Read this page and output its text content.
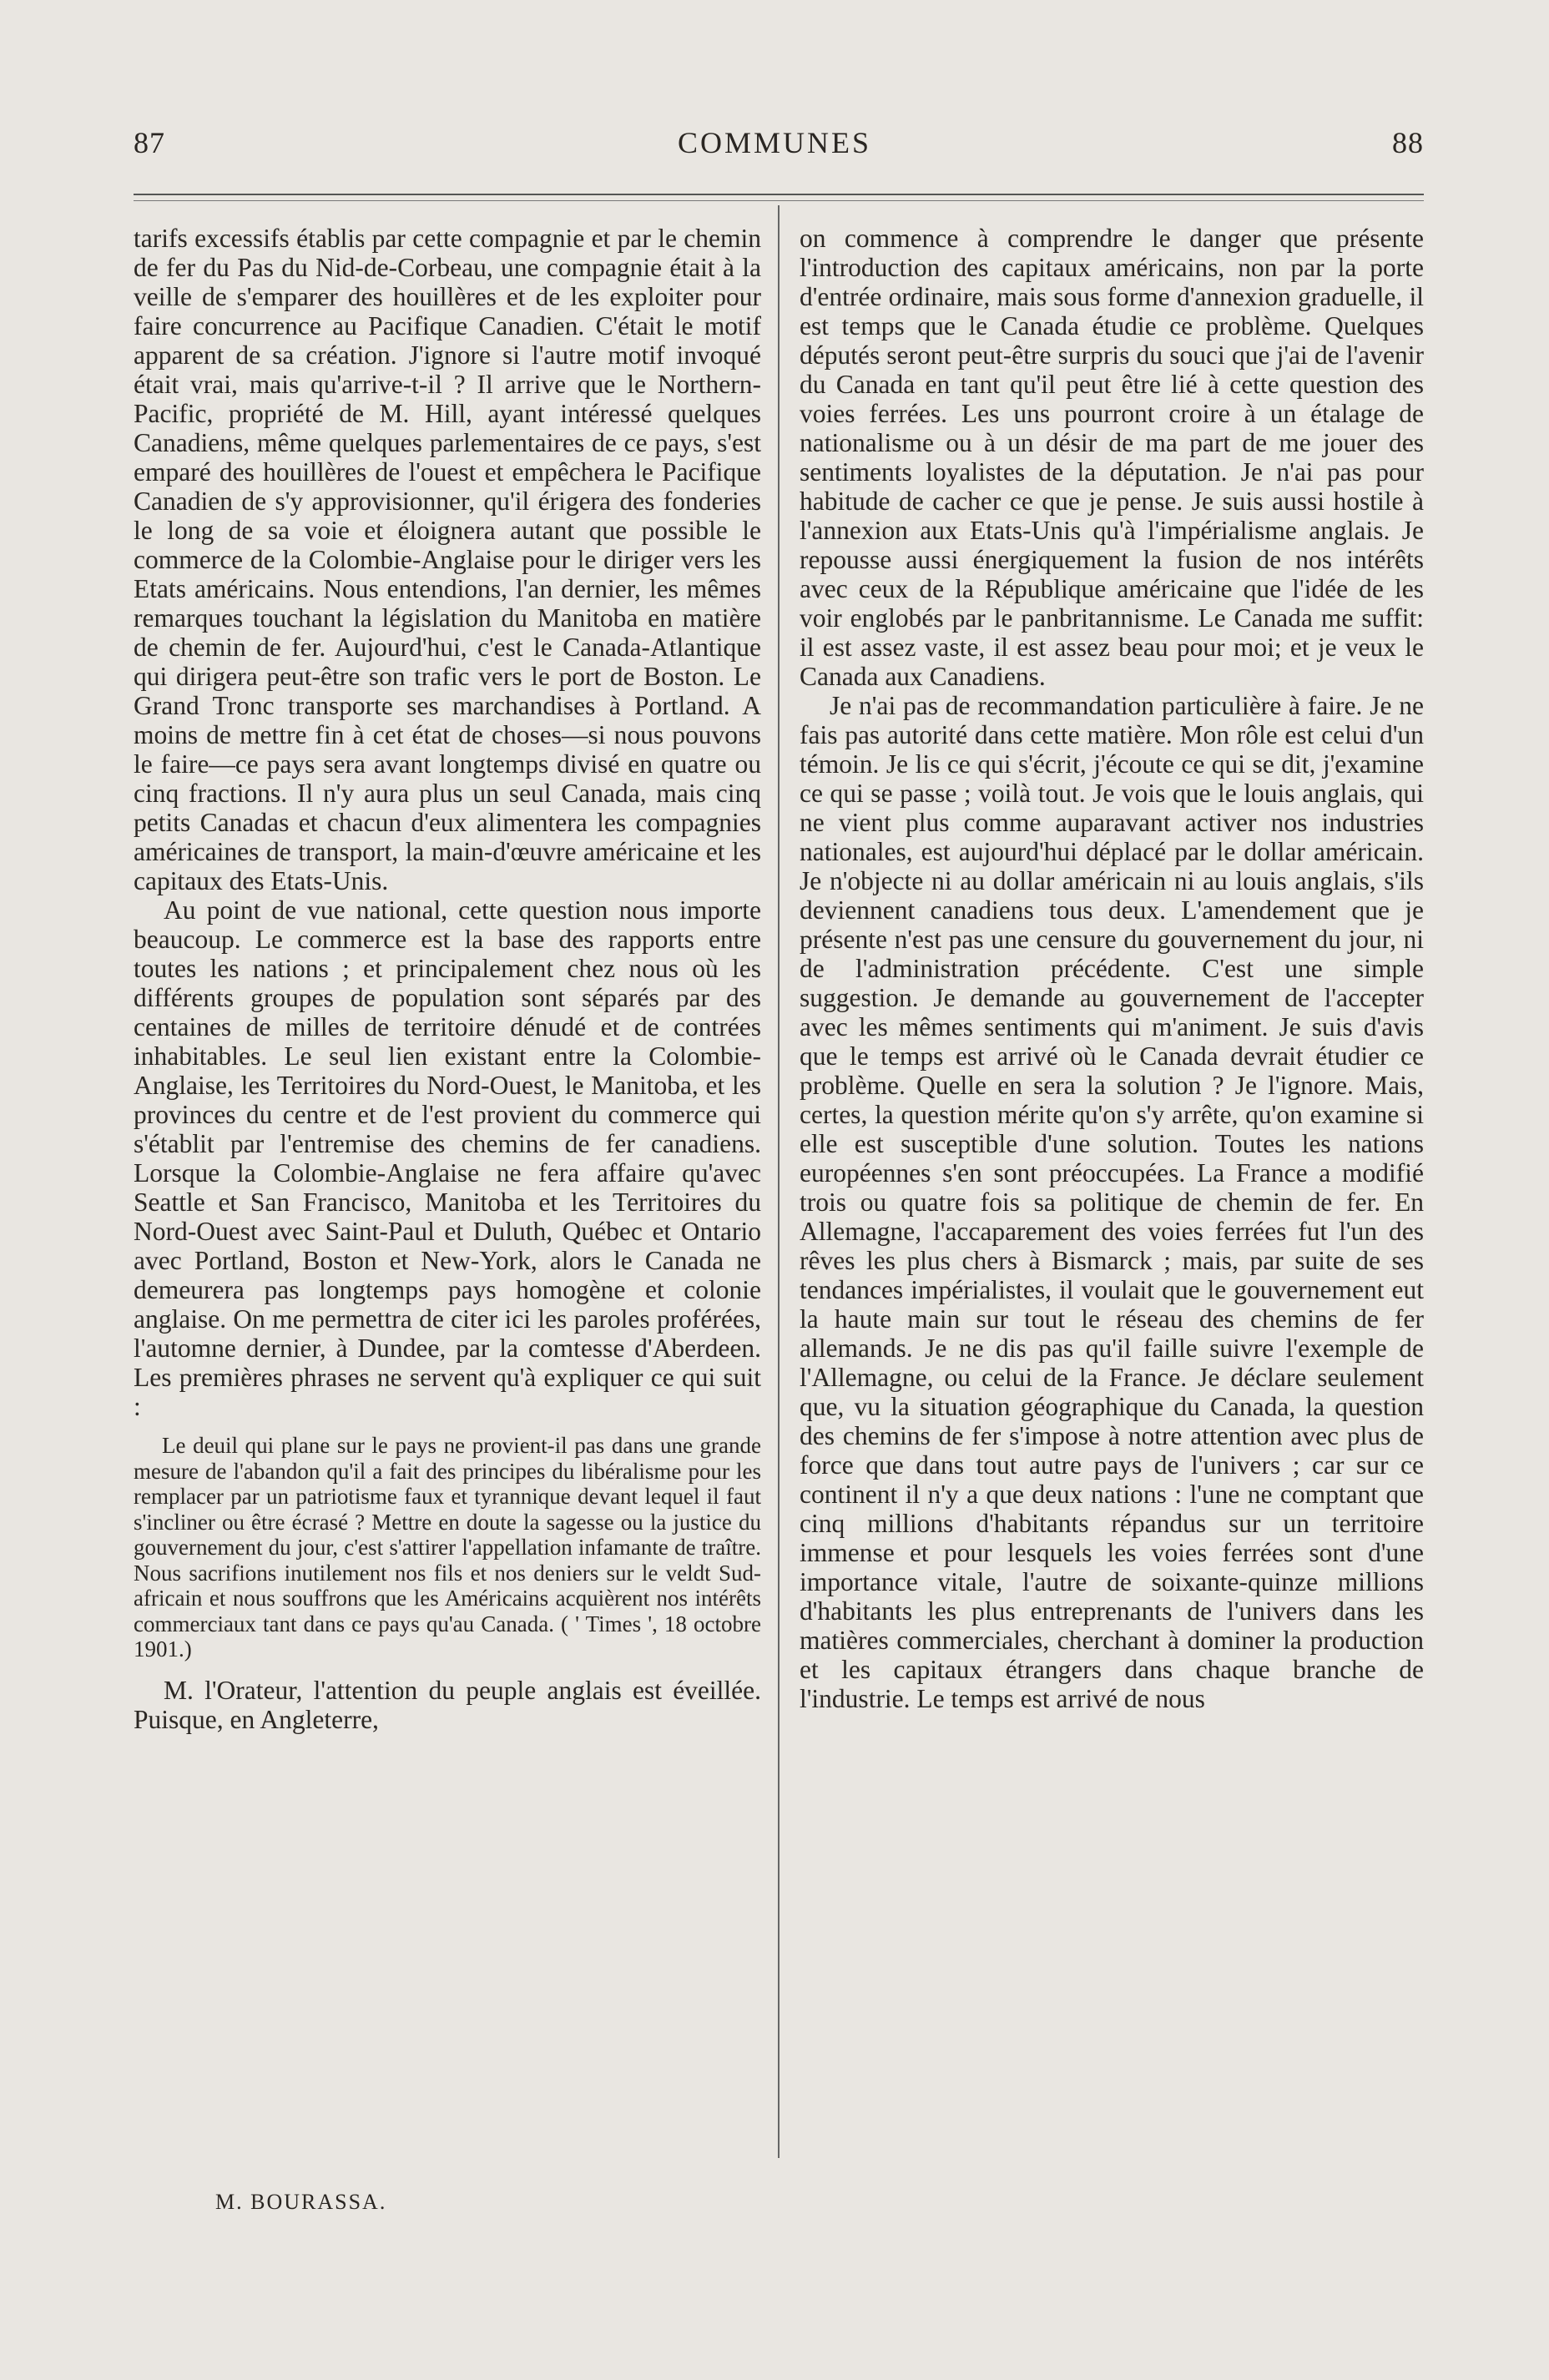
87	COMMUNES	88

tarifs excessifs établis par cette compagnie et par le chemin de fer du Pas du Nid-de-Corbeau, une compagnie était à la veille de s'emparer des houillères et de les exploiter pour faire concurrence au Pacifique Canadien. C'était le motif apparent de sa création. J'ignore si l'autre motif invoqué était vrai, mais qu'arrive-t-il ? Il arrive que le Northern-Pacific, propriété de M. Hill, ayant intéressé quelques Canadiens, même quelques parlementaires de ce pays, s'est emparé des houillères de l'ouest et empêchera le Pacifique Canadien de s'y approvisionner, qu'il érigera des fonderies le long de sa voie et éloignera autant que possible le commerce de la Colombie-Anglaise pour le diriger vers les Etats américains. Nous entendions, l'an dernier, les mêmes remarques touchant la législation du Manitoba en matière de chemin de fer. Aujourd'hui, c'est le Canada-Atlantique qui dirigera peut-être son trafic vers le port de Boston. Le Grand Tronc transporte ses marchandises à Portland. A moins de mettre fin à cet état de choses—si nous pouvons le faire—ce pays sera avant longtemps divisé en quatre ou cinq fractions. Il n'y aura plus un seul Canada, mais cinq petits Canadas et chacun d'eux alimentera les compagnies américaines de transport, la main-d'œuvre américaine et les capitaux des Etats-Unis.

Au point de vue national, cette question nous importe beaucoup. Le commerce est la base des rapports entre toutes les nations ; et principalement chez nous où les différents groupes de population sont séparés par des centaines de milles de territoire dénudé et de contrées inhabitables. Le seul lien existant entre la Colombie-Anglaise, les Territoires du Nord-Ouest, le Manitoba, et les provinces du centre et de l'est provient du commerce qui s'établit par l'entremise des chemins de fer canadiens. Lorsque la Colombie-Anglaise ne fera affaire qu'avec Seattle et San Francisco, Manitoba et les Territoires du Nord-Ouest avec Saint-Paul et Duluth, Québec et Ontario avec Portland, Boston et New-York, alors le Canada ne demeurera pas longtemps pays homogène et colonie anglaise. On me permettra de citer ici les paroles proférées, l'automne dernier, à Dundee, par la comtesse d'Aberdeen. Les premières phrases ne servent qu'à expliquer ce qui suit :

Le deuil qui plane sur le pays ne provient-il pas dans une grande mesure de l'abandon qu'il a fait des principes du libéralisme pour les remplacer par un patriotisme faux et tyrannique devant lequel il faut s'incliner ou être écrasé ? Mettre en doute la sagesse ou la justice du gouvernement du jour, c'est s'attirer l'appellation infamante de traître. Nous sacrifions inutilement nos fils et nos deniers sur le veldt Sud-africain et nous souffrons que les Américains acquièrent nos intérêts commerciaux tant dans ce pays qu'au Canada. ( ' Times ', 18 octobre 1901.)

M. l'Orateur, l'attention du peuple anglais est éveillée. Puisque, en Angleterre,

on commence à comprendre le danger que présente l'introduction des capitaux américains, non par la porte d'entrée ordinaire, mais sous forme d'annexion graduelle, il est temps que le Canada étudie ce problème. Quelques députés seront peut-être surpris du souci que j'ai de l'avenir du Canada en tant qu'il peut être lié à cette question des voies ferrées. Les uns pourront croire à un étalage de nationalisme ou à un désir de ma part de me jouer des sentiments loyalistes de la députation. Je n'ai pas pour habitude de cacher ce que je pense. Je suis aussi hostile à l'annexion aux Etats-Unis qu'à l'impérialisme anglais. Je repousse aussi énergiquement la fusion de nos intérêts avec ceux de la République américaine que l'idée de les voir englobés par le panbritannisme. Le Canada me suffit: il est assez vaste, il est assez beau pour moi; et je veux le Canada aux Canadiens.

Je n'ai pas de recommandation particulière à faire. Je ne fais pas autorité dans cette matière. Mon rôle est celui d'un témoin. Je lis ce qui s'écrit, j'écoute ce qui se dit, j'examine ce qui se passe ; voilà tout. Je vois que le louis anglais, qui ne vient plus comme auparavant activer nos industries nationales, est aujourd'hui déplacé par le dollar américain. Je n'objecte ni au dollar américain ni au louis anglais, s'ils deviennent canadiens tous deux. L'amendement que je présente n'est pas une censure du gouvernement du jour, ni de l'administration précédente. C'est une simple suggestion. Je demande au gouvernement de l'accepter avec les mêmes sentiments qui m'animent. Je suis d'avis que le temps est arrivé où le Canada devrait étudier ce problème. Quelle en sera la solution ? Je l'ignore. Mais, certes, la question mérite qu'on s'y arrête, qu'on examine si elle est susceptible d'une solution. Toutes les nations européennes s'en sont préoccupées. La France a modifié trois ou quatre fois sa politique de chemin de fer. En Allemagne, l'accaparement des voies ferrées fut l'un des rêves les plus chers à Bismarck ; mais, par suite de ses tendances impérialistes, il voulait que le gouvernement eut la haute main sur tout le réseau des chemins de fer allemands. Je ne dis pas qu'il faille suivre l'exemple de l'Allemagne, ou celui de la France. Je déclare seulement que, vu la situation géographique du Canada, la question des chemins de fer s'impose à notre attention avec plus de force que dans tout autre pays de l'univers ; car sur ce continent il n'y a que deux nations : l'une ne comptant que cinq millions d'habitants répandus sur un territoire immense et pour lesquels les voies ferrées sont d'une importance vitale, l'autre de soixante-quinze millions d'habitants les plus entreprenants de l'univers dans les matières commerciales, cherchant à dominer la production et les capitaux étrangers dans chaque branche de l'industrie. Le temps est arrivé de nous

M. BOURASSA.
